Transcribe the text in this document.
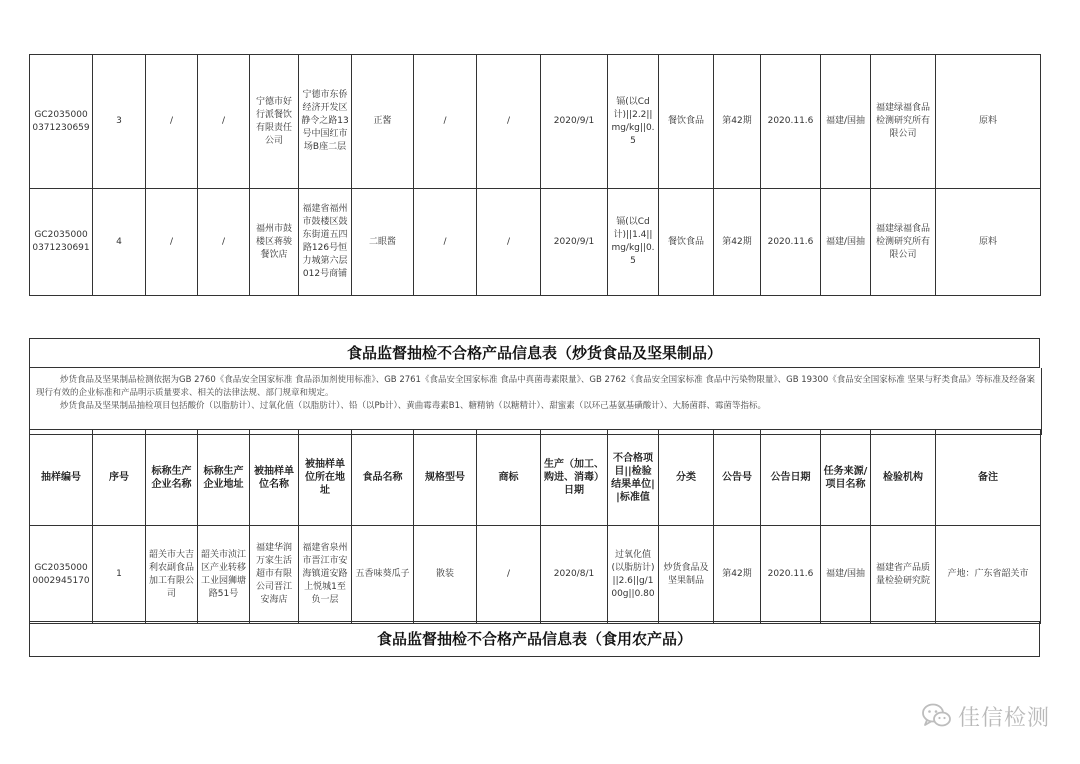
GC20350000371230659	3	/	/	宁德市好行派餐饮有限责任公司	宁德市东侨经济开发区静令之路13号中国红市场B座二层	正酱	/	/	2020/9/1	镉(以Cd计)||2.2||mg/kg||0.5	餐饮食品	第42期	2020.11.6	福建/国抽	福建绿福食品检测研究所有限公司	原料
GC20350000371230691	4	/	/	福州市鼓楼区蒋骏餐饮店	福建省福州市鼓楼区鼓东街道五四路126号恒力城第六层012号商铺	二眼酱	/	/	2020/9/1	镉(以Cd计)||1.4||mg/kg||0.5	餐饮食品	第42期	2020.11.6	福建/国抽	福建绿福食品检测研究所有限公司	原料
食品监督抽检不合格产品信息表（炒货食品及坚果制品）

炒货食品及坚果制品检测依据为GB 2760《食品安全国家标准 食品添加剂使用标准》、GB 2761《食品安全国家标准 食品中真菌毒素限量》、GB 2762《食品安全国家标准 食品中污染物限量》、GB 19300《食品安全国家标准 坚果与籽类食品》等标准及经备案现行有效的企业标准和产品明示质量要求、相关的法律法规、部门规章和规定。

炒货食品及坚果制品抽检项目包括酸价（以脂肪计）、过氧化值（以脂肪计）、铅（以Pb计）、黄曲霉毒素B1、糖精钠（以糖精计）、甜蜜素（以环己基氨基磺酸计）、大肠菌群、霉菌等指标。

抽样编号	序号	标称生产企业名称	标称生产企业地址	被抽样单位名称	被抽样单位所在地址	食品名称	规格型号	商标	生产（加工、购进、消毒）日期	不合格项目||检验结果单位||标准值	分类	公告号	公告日期	任务来源/项目名称	检验机构	备注
GC20350000002945170	1	韶关市大吉利农副食品加工有限公司	韶关市浈江区产业转移工业园狮塘路51号	福建华润万家生活超市有限公司晋江安海店	福建省泉州市晋江市安海镇道安路上悦城1至负一层	五香味葵瓜子	散装	/	2020/8/1	过氧化值(以脂肪计)||2.6||g/100g||0.80	炒货食品及坚果制品	第42期	2020.11.6	福建/国抽	福建省产品质量检验研究院	产地：广东省韶关市
食品监督抽检不合格产品信息表（食用农产品）
佳信检测
